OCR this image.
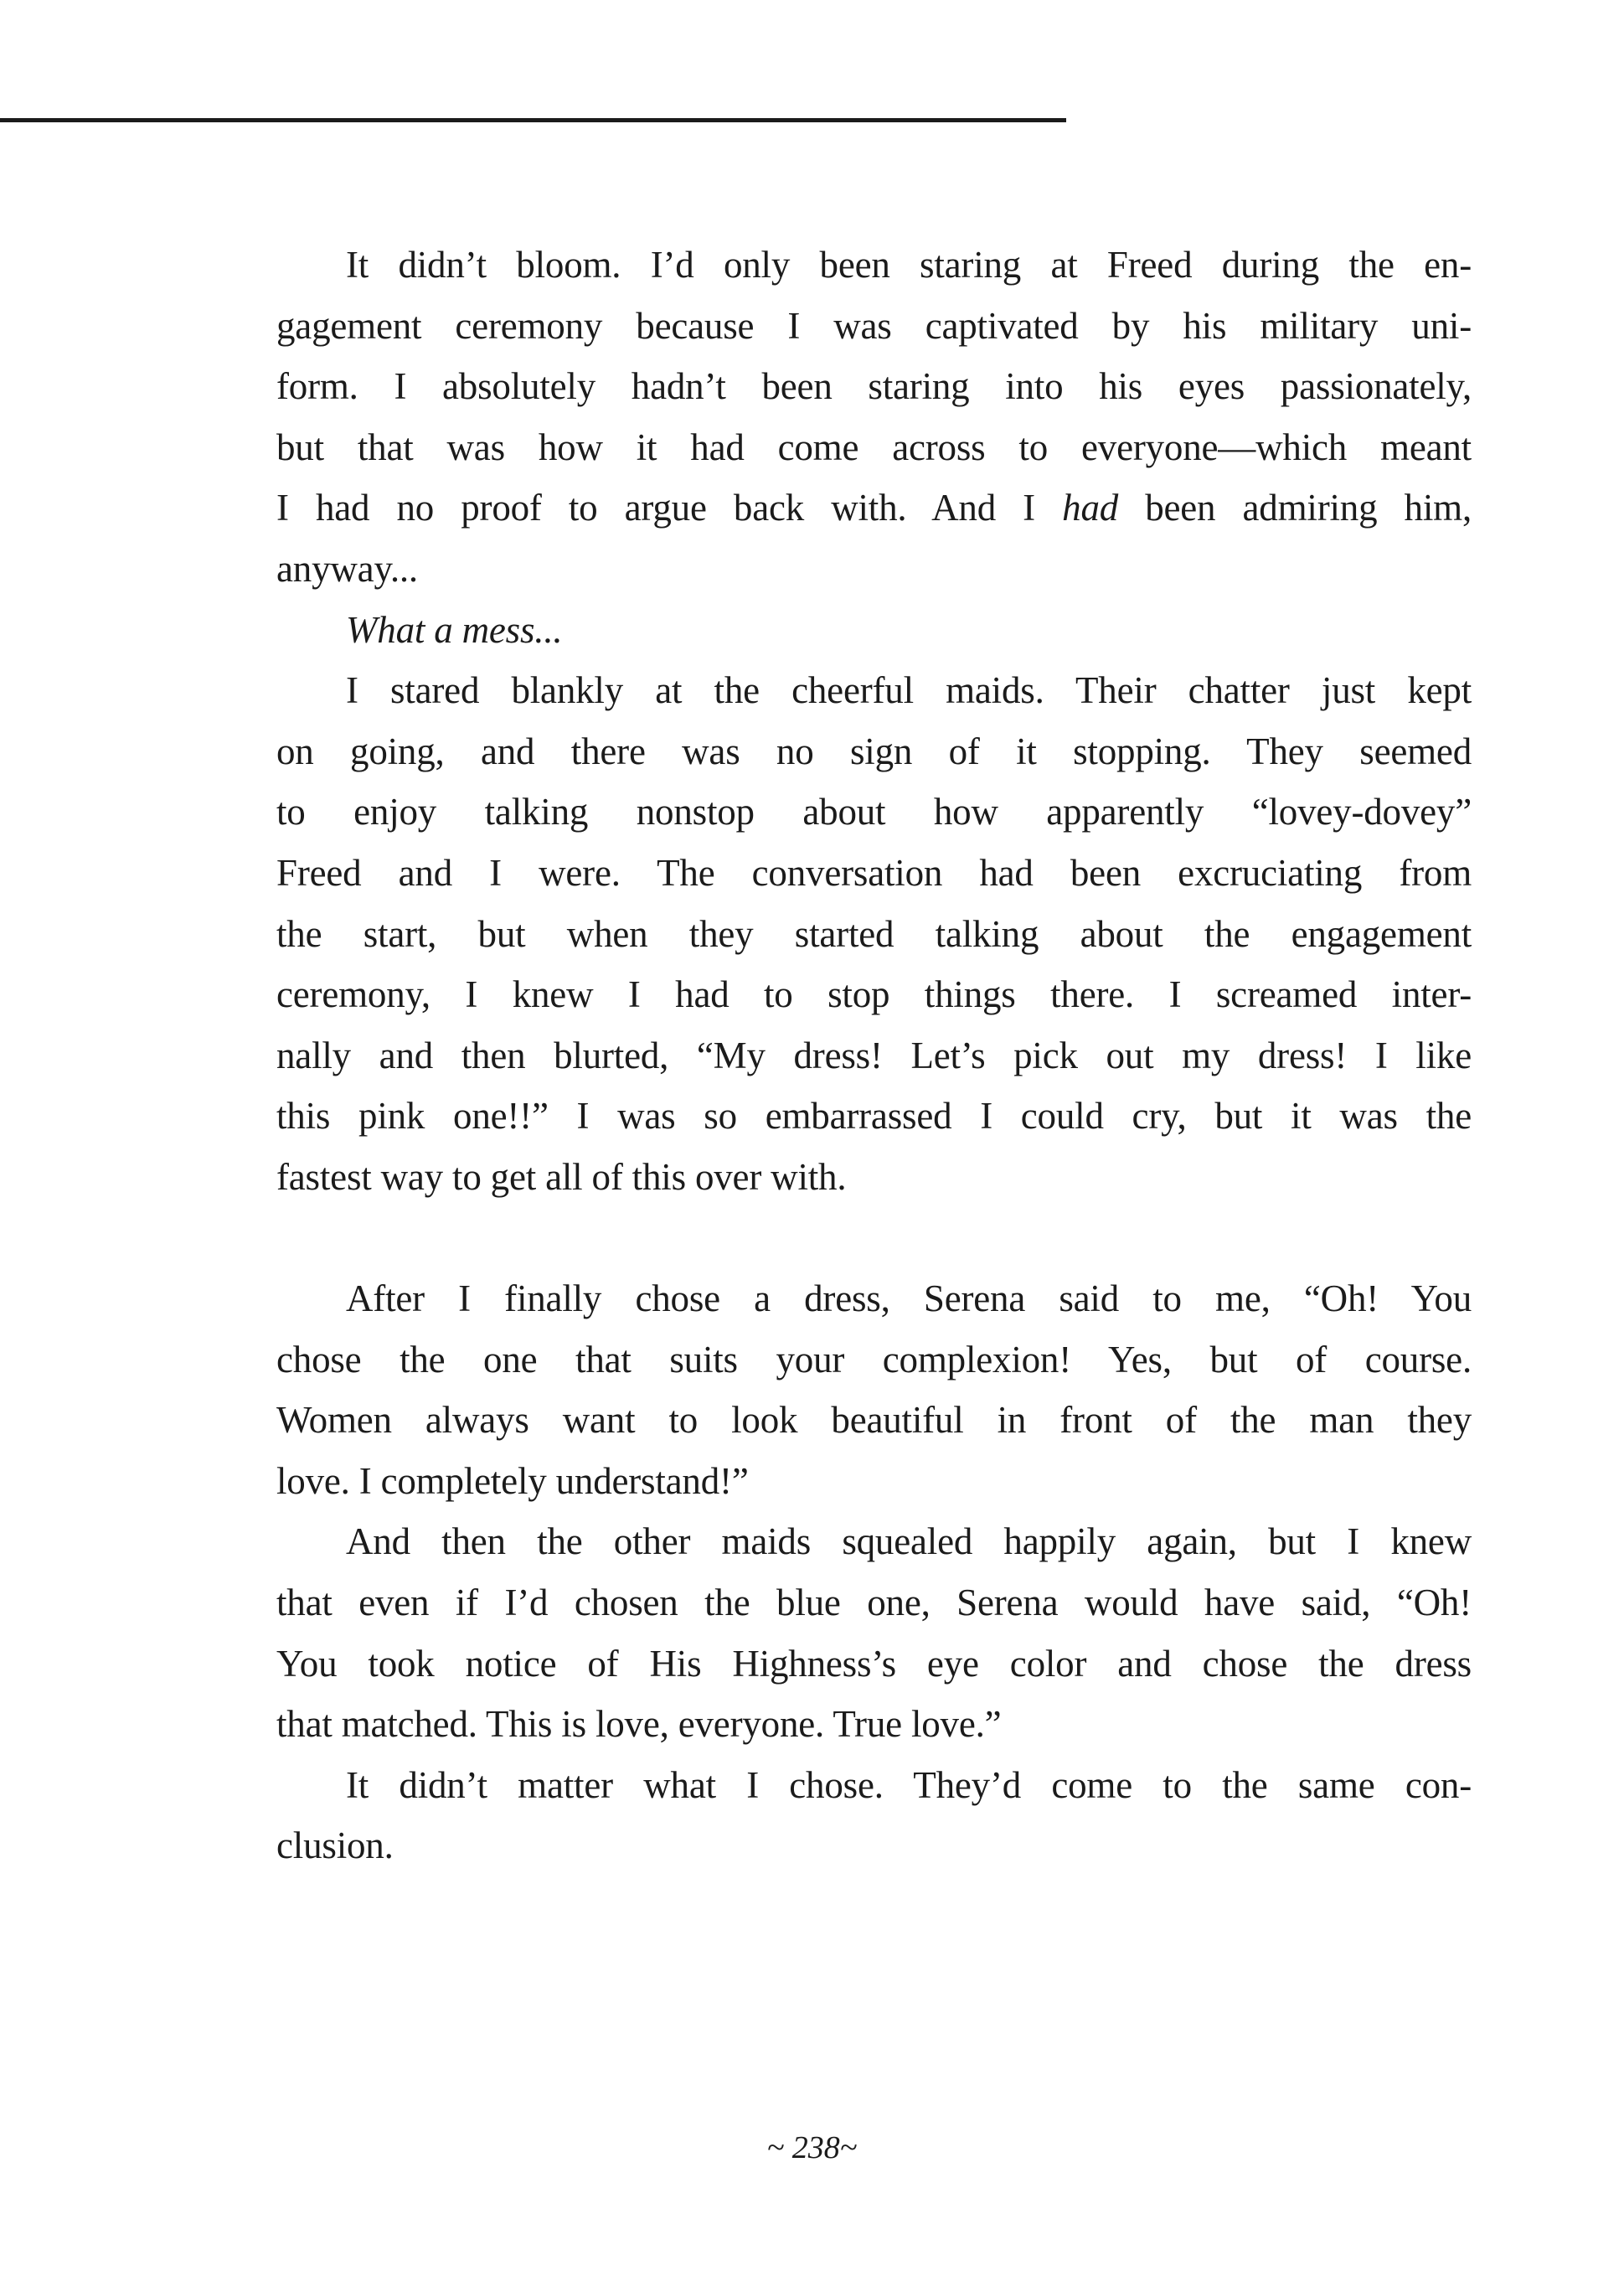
It didn’t bloom. I’d only been staring at Freed during the en-
gagement ceremony because I was captivated by his military uni-
form. I absolutely hadn’t been staring into his eyes passionately,
but that was how it had come across to everyone—which meant
I had no proof to argue back with. And I had been admiring him,
anyway...

What a mess...

I stared blankly at the cheerful maids. Their chatter just kept
on going, and there was no sign of it stopping. They seemed
to enjoy talking nonstop about how apparently “lovey-dovey”
Freed and I were. The conversation had been excruciating from
the start, but when they started talking about the engagement
ceremony, I knew I had to stop things there. I screamed inter-
nally and then blurted, “My dress! Let’s pick out my dress! I like
this pink one!!” I was so embarrassed I could cry, but it was the
fastest way to get all of this over with.

After I finally chose a dress, Serena said to me, “Oh! You
chose the one that suits your complexion! Yes, but of course.
Women always want to look beautiful in front of the man they
love. I completely understand!”

And then the other maids squealed happily again, but I knew
that even if I’d chosen the blue one, Serena would have said, “Oh!
You took notice of His Highness’s eye color and chose the dress
that matched. This is love, everyone. True love.”

It didn’t matter what I chose. They’d come to the same con-
clusion.

~ 238~
